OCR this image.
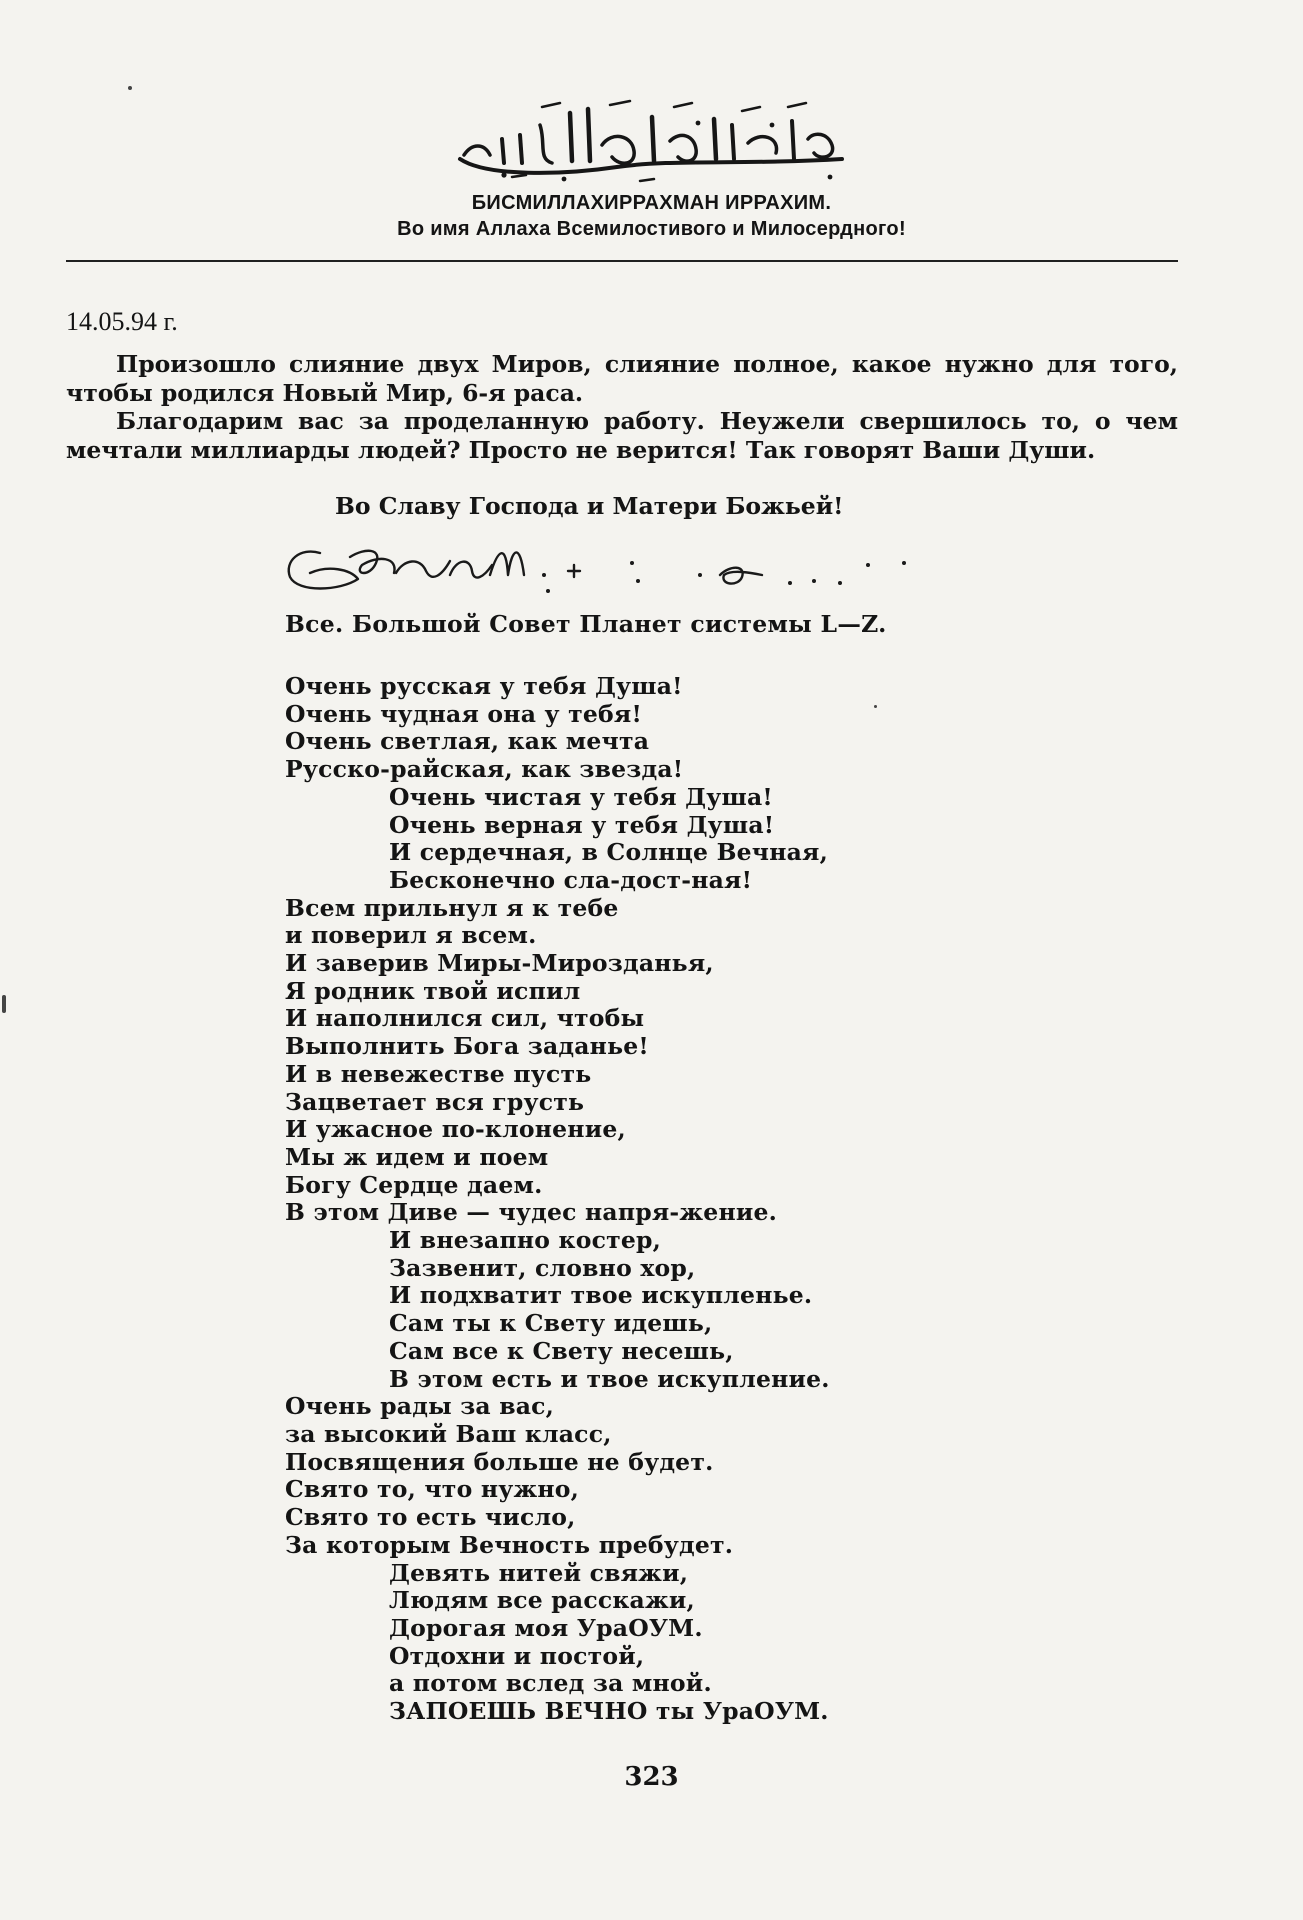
БИСМИЛЛАХИРРАХМАН ИРРАХИМ.
Во имя Аллаха Всемилостивого и Милосердного!
14.05.94 г.

Произошло слияние двух Миров, слияние полное, какое нужно для того, чтобы родился Новый Мир, 6-я раса.

Благодарим вас за проделанную работу. Неужели свершилось то, о чем мечтали миллиарды людей? Просто не верится! Так говорят Ваши Души.

Во Славу Господа и Матери Божьей!
Все. Большой Совет Планет системы L—Z.
Очень русская у тебя Душа!
Очень чудная она у тебя!
Очень светлая, как мечта
Русско-райская, как звезда!
Очень чистая у тебя Душа!
Очень верная у тебя Душа!
И сердечная, в Солнце Вечная,
Бесконечно сла-дост-ная!
Всем прильнул я к тебе
и поверил я всем.
И заверив Миры-Мирозданья,
Я родник твой испил
И наполнился сил, чтобы
Выполнить Бога заданье!
И в невежестве пусть
Зацветает вся грусть
И ужасное по-клонение,
Мы ж идем и поем
Богу Сердце даем.
В этом Диве — чудес напря-жение.
И внезапно костер,
Зазвенит, словно хор,
И подхватит твое искупленье.
Сам ты к Свету идешь,
Сам все к Свету несешь,
В этом есть и твое искупление.
Очень рады за вас,
за высокий Ваш класс,
Посвящения больше не будет.
Свято то, что нужно,
Свято то есть число,
За которым Вечность пребудет.
Девять нитей свяжи,
Людям все расскажи,
Дорогая моя УраОУМ.
Отдохни и постой,
а потом вслед за мной.
ЗАПОЕШЬ ВЕЧНО ты УраОУМ.
323
